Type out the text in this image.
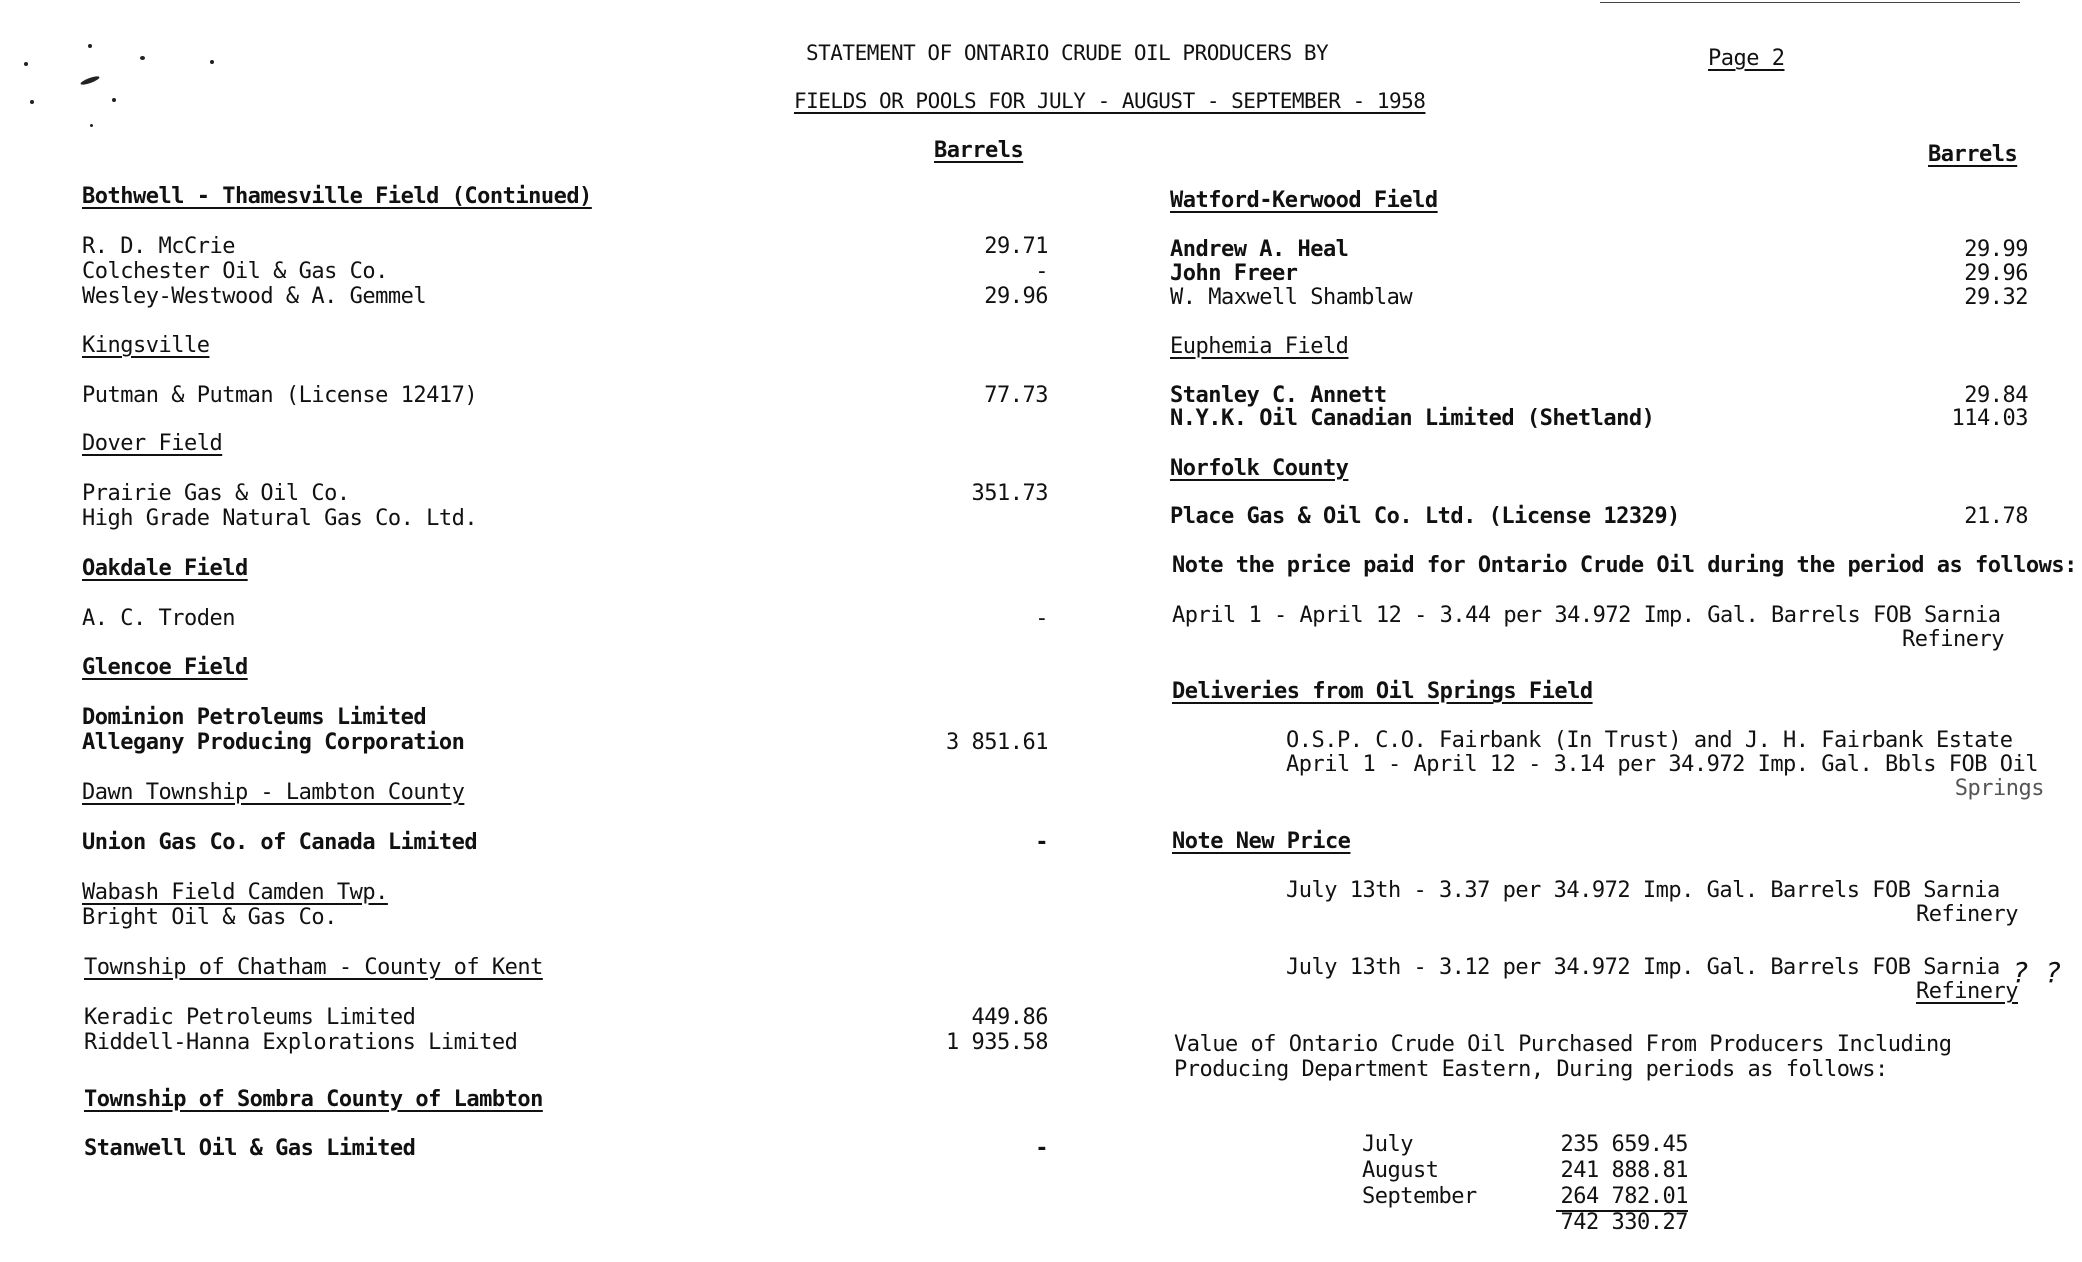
STATEMENT OF ONTARIO CRUDE OIL PRODUCERS BY
FIELDS OR POOLS FOR JULY - AUGUST - SEPTEMBER - 1958
Page 2
Barrels	Barrels
Bothwell - Thamesville Field (Continued)
R. D. McCrie	29.71
Colchester Oil & Gas Co.	-
Wesley-Westwood & A. Gemmel	29.96
Kingsville
Putman & Putman (License 12417)	77.73
Dover Field
Prairie Gas & Oil Co.	351.73
High Grade Natural Gas Co. Ltd.
Oakdale Field
A. C. Troden	-
Glencoe Field
Dominion Petroleums Limited
Allegany Producing Corporation	3 851.61
Dawn Township - Lambton County
Union Gas Co. of Canada Limited	-
Wabash Field Camden Twp.
Bright Oil & Gas Co.
Township of Chatham - County of Kent
Keradic Petroleums Limited	449.86
Riddell-Hanna Explorations Limited	1 935.58
Township of Sombra County of Lambton
Stanwell Oil & Gas Limited	-
Watford-Kerwood Field
Andrew A. Heal	29.99
John Freer	29.96
W. Maxwell Shamblaw	29.32
Euphemia Field
Stanley C. Annett	29.84
N.Y.K. Oil Canadian Limited (Shetland)	114.03
Norfolk County
Place Gas & Oil Co. Ltd. (License 12329)	21.78
Note the price paid for Ontario Crude Oil during the period as follows:
April 1 - April 12 - 3.44 per 34.972 Imp. Gal. Barrels FOB Sarnia
Refinery
Deliveries from Oil Springs Field
O.S.P. C.O. Fairbank (In Trust) and J. H. Fairbank Estate
April 1 - April 12 - 3.14 per 34.972 Imp. Gal. Bbls FOB Oil
Springs
Note New Price
July 13th - 3.37 per 34.972 Imp. Gal. Barrels FOB Sarnia
Refinery
July 13th - 3.12 per 34.972 Imp. Gal. Barrels FOB Sarnia
Refinery
? ?
Value of Ontario Crude Oil Purchased From Producers Including
Producing Department Eastern, During periods as follows:
July	235 659.45
August	241 888.81
September	264 782.01
742 330.27
